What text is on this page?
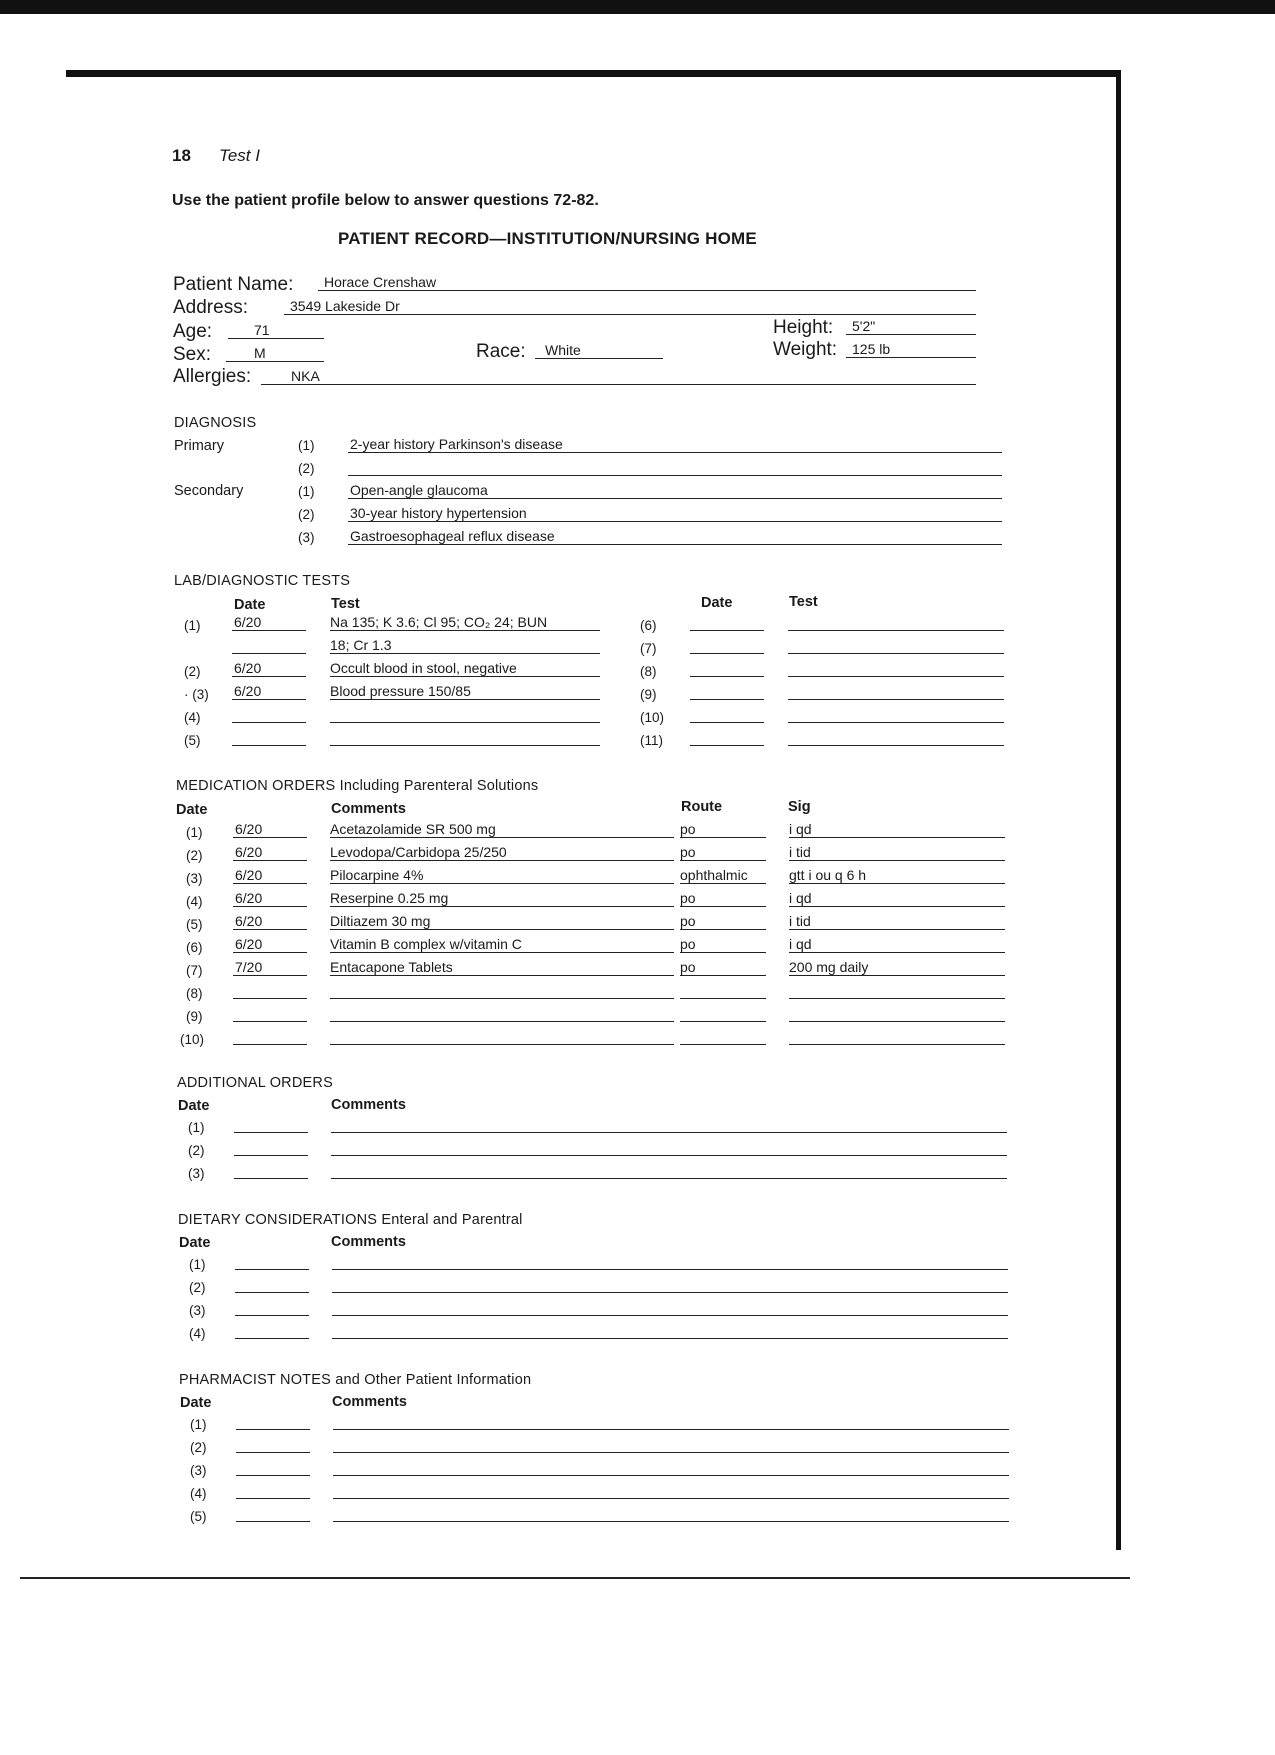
18 Test I
Use the patient profile below to answer questions 72-82.
PATIENT RECORD—INSTITUTION/NURSING HOME
Patient Name:	Horace Crenshaw
Address:	3549 Lakeside Dr
Age:	71	Height:	5'2"
Sex:	M	Race:	White	Weight:	125 lb
Allergies:	NKA
DIAGNOSIS
Primary
Secondary
(1)	2-year history Parkinson's disease
(2)
(1)	Open-angle glaucoma
(2)	30-year history hypertension
(3)	Gastroesophageal reflux disease
LAB/DIAGNOSTIC TESTS
Date	Test	Date	Test
(1) 6/20	Na 135; K 3.6; Cl 95; CO₂ 24; BUN
18; Cr 1.3
(2) 6/20	Occult blood in stool, negative
· (3) 6/20	Blood pressure 150/85
(4)
(5)
(6)
(7)
(8)
(9)
(10)
(11)
MEDICATION ORDERS Including Parenteral Solutions
Date	Comments	Route	Sig
(1) 6/20	Acetazolamide SR 500 mg	po	i qd
(2) 6/20	Levodopa/Carbidopa 25/250	po	i tid
(3) 6/20	Pilocarpine 4%	ophthalmic	gtt i ou q 6 h
(4) 6/20	Reserpine 0.25 mg	po	i qd
(5) 6/20	Diltiazem 30 mg	po	i tid
(6) 6/20	Vitamin B complex w/vitamin C	po	i qd
(7) 7/20	Entacapone Tablets	po	200 mg daily
(8)
(9)
(10)
ADDITIONAL ORDERS
Date	Comments
(1)
(2)
(3)
DIETARY CONSIDERATIONS Enteral and Parentral
Date	Comments
(1)
(2)
(3)
(4)
PHARMACIST NOTES and Other Patient Information
Date	Comments
(1)
(2)
(3)
(4)
(5)
